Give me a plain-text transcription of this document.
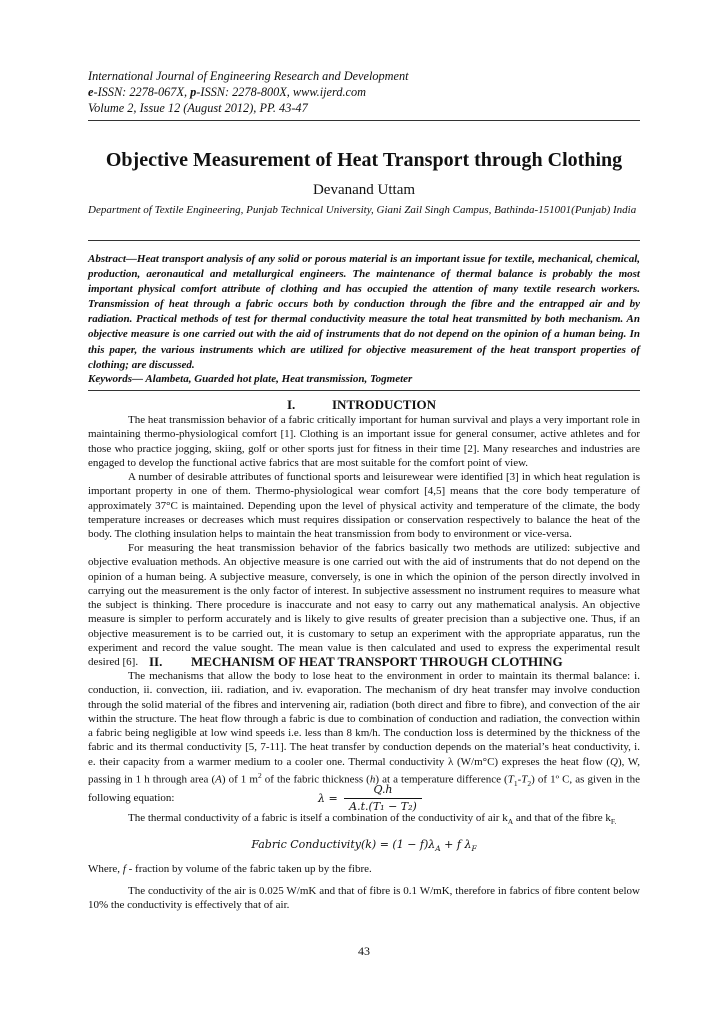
International Journal of Engineering Research and Development
e-ISSN: 2278-067X, p-ISSN: 2278-800X, www.ijerd.com
Volume 2, Issue 12 (August 2012), PP. 43-47
Objective Measurement of Heat Transport through Clothing
Devanand Uttam
Department of Textile Engineering, Punjab Technical University, Giani Zail Singh Campus, Bathinda-151001(Punjab) India
Abstract—Heat transport analysis of any solid or porous material is an important issue for textile, mechanical, chemical, production, aeronautical and metallurgical engineers. The maintenance of thermal balance is probably the most important physical comfort attribute of clothing and has occupied the attention of many textile research workers. Transmission of heat through a fabric occurs both by conduction through the fibre and the entrapped air and by radiation. Practical methods of test for thermal conductivity measure the total heat transmitted by both mechanism. An objective measure is one carried out with the aid of instruments that do not depend on the opinion of a human being. In this paper, the various instruments which are utilized for objective measurement of the heat transport properties of clothing; are discussed.
Keywords— Alambeta, Guarded hot plate, Heat transmission, Togmeter
I.	INTRODUCTION
The heat transmission behavior of a fabric critically important for human survival and plays a very important role in maintaining thermo-physiological comfort [1]. Clothing is an important issue for general consumer, active athletes and for those who practice jogging, skiing, golf or other sports just for fitness in their time [2]. Many researches and industries are engaged to develop the functional active fabrics that are most suitable for the comfort point of view.
A number of desirable attributes of functional sports and leisurewear were identified [3] in which heat regulation is important property in one of them. Thermo-physiological wear comfort [4,5] means that the core body temperature of approximately 37°C is maintained. Depending upon the level of physical activity and temperature of the climate, the body temperature increases or decreases which must requires dissipation or conservation respectively to balance the heat of the body. The clothing insulation helps to maintain the heat transmission from body to environment or vice-versa.
For measuring the heat transmission behavior of the fabrics basically two methods are utilized: subjective and objective evaluation methods. An objective measure is one carried out with the aid of instruments that do not depend on the opinion of a human being. A subjective measure, conversely, is one in which the opinion of the person directly involved in carrying out the measurement is the only factor of interest. In subjective assessment no instrument requires to measure what the subject is thinking. There procedure is inaccurate and not easy to carry out any mathematical analysis. An objective measure is simpler to perform accurately and is likely to give results of greater precision than a subjective one. Thus, if an objective measurement is to be carried out, it is customary to setup an experiment with the appropriate apparatus, run the experiment and record the value sought. The mean value is then calculated and used to express the experimental result desired [6]. II. MECHANISM OF HEAT TRANSPORT THROUGH CLOTHING
The mechanisms that allow the body to lose heat to the environment in order to maintain its thermal balance: i. conduction, ii. convection, iii. radiation, and iv. evaporation. The mechanism of dry heat transfer may involve conduction through the solid material of the fibres and intervening air, radiation (both direct and fibre to fibre), and convection of the air within the structure. The heat flow through a fabric is due to combination of conduction and radiation, the convection within a fabric being negligible at low wind speeds i.e. less than 8 km/h. The conduction loss is determined by the thickness of the fabric and its thermal conductivity [5, 7-11]. The heat transfer by conduction depends on the material’s heat conductivity, i. e. their capacity from a warmer medium to a cooler one. Thermal conductivity λ (W/m°C) expreses the heat flow (Q), W, passing in 1 h through area (A) of 1 $m^2$ of the fabric thickness (h) at a temperature difference $(T_1-T_2)$ of 1º C, as given in the following equation:	λ =
Q.h
A.t.(T₁ − T₂)
The thermal conductivity of a fabric is itself a combination of the conductivity of air $k_A$ and that of the fibre $k_{F.}$
Fabric Conductivity(k) = $(1 - f)\lambda_A + f$ $\lambda_F$
Where, f - fraction by volume of the fabric taken up by the fibre.
The conductivity of the air is 0.025 W/mK and that of fibre is 0.1 W/mK, therefore in fabrics of fibre content below 10% the conductivity is effectively that of air.
43
